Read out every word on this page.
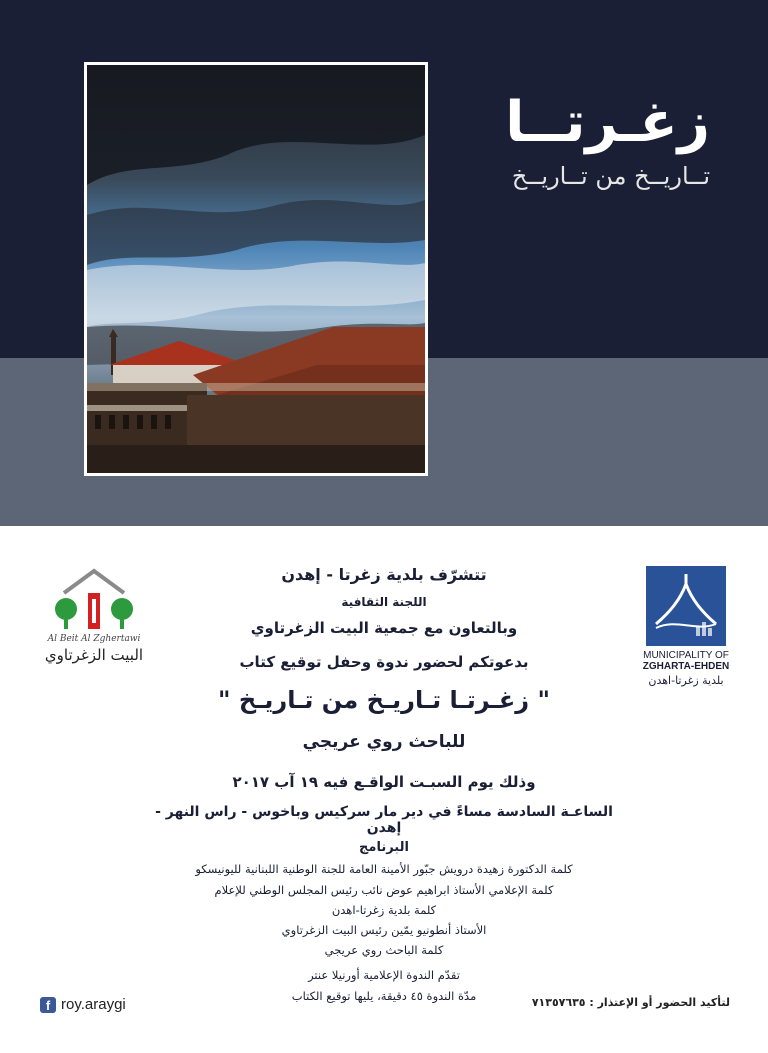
زغـرتــا
تــاريــخ من تــاريــخ
Al Beit Al Zghertawi
البيت الزغرتاوي	MUNICIPALITY OF
ZGHARTA-EHDEN
بلدية زغرتا-اهدن

تتشرّف بلدية زغرتا - إهدن

اللجنة الثقافية

وبالتعاون مع جمعية البيت الزغرتاوي

بدعوتكم لحضور ندوة وحفل توقيع كتاب

" زغـرتـا تـاريـخ من تـاريـخ "

للباحث روي عريجي

وذلك يوم السبـت الواقـع فيه ١٩ آب ٢٠١٧

الساعـة السادسة مساءً في دير مار سركيس وباخوس - راس النهر - إهدن

البرنامج

كلمة الدكتورة زهيدة درويش جبّور الأمينة العامة للجنة الوطنية اللبنانية لليونيسكو

كلمة الإعلامي الأستاذ ابراهيم عوض نائب رئيس المجلس الوطني للإعلام

كلمة بلدية زغرتا-اهدن

الأستاذ أنطونيو يمّين رئيس البيت الزغرتاوي

كلمة الباحث روي عريجي

تقدّم الندوة الإعلامية أورنيلا عنتر

مدّة الندوة ٤٥ دقيقة، يليها توقيع الكتاب

f roy.araygi	لتأكيد الحضور أو الإعتذار : ٧١٣٥٧٦٣٥
